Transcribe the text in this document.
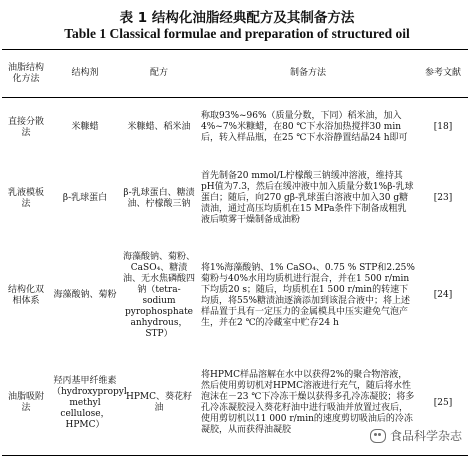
表 1 结构化油脂经典配方及其制备方法
Table 1 Classical formulae and preparation of structured oil
油脂结构化方法	结构剂	配方	制备方法	参考文献
直接分散法	米糠蜡	米糠蜡、稻米油	称取93%~96%（质量分数，下同）稻米油，加入4%~7%米糠蜡，在80 ℃下水浴加热搅拌30 min后，转入样品瓶，在25 ℃下水浴静置结晶24 h即可	[18]
乳液模板法	β-乳球蛋白	β-乳球蛋白、糖渍油、柠檬酸三钠	首先制备20 mmol/L柠檬酸三钠缓冲溶液，维持其pH值为7.3，然后在缓冲液中加入质量分数1%β-乳球蛋白；随后，向270 gβ-乳球蛋白溶液中加入30 g糖渍油，通过高压均质机在15 MPa条件下制备成粗乳液后喷雾干燥制备成油粉	[23]
结构化双相体系	海藻酸钠、菊粉	海藻酸钠、菊粉、CaSO₄、糖渍油、无水焦磷酸四钠（tetra-sodium pyrophosphate anhydrous，STP）	将1%海藻酸钠、1% CaSO₄、0.75 % STP和2.25%菊粉与40%水用均质机进行混合，并在1 500 r/min下均质20 s；随后，均质机在1 500 r/min的转速下均质，将55%糖渍油逐滴添加到该混合液中；将上述样品置于具有一定压力的金属模具中压实避免气泡产生，并在2 ℃的冷藏室中贮存24 h	[24]
油脂吸附法	羟丙基甲纤维素（hydroxypropyl methyl cellulose，HPMC）	HPMC、葵花籽油	将HPMC样品溶解在水中以获得2%的聚合物溶液，然后使用剪切机对HPMC溶液进行充气，随后将水性泡沫在－23 ℃下冷冻干燥以获得多孔冷冻凝胶；将多孔冷冻凝胶浸入葵花籽油中进行吸油并放置过夜后，使用剪切机以11 000 r/min的速度剪切吸油后的冷冻凝胶，从而获得油凝胶	[25]
食品科学杂志
